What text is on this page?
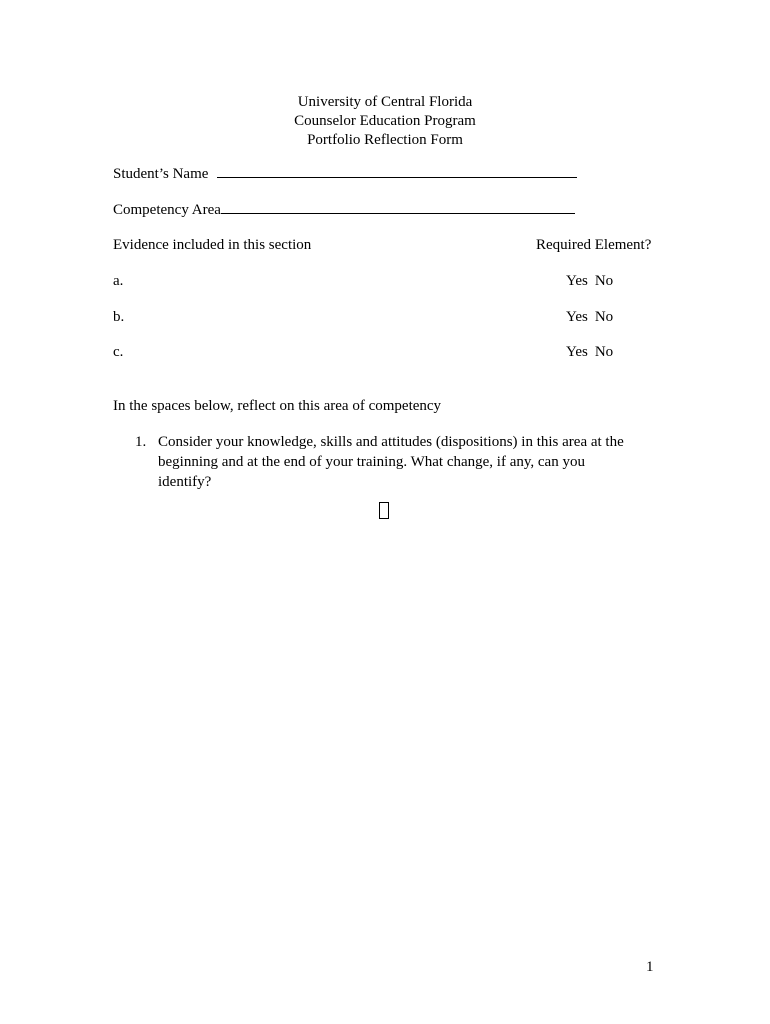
University of Central Florida
Counselor Education Program
Portfolio Reflection Form
Student’s Name
Competency Area
Evidence included in this section	Required Element?
a.	Yes No
b.	Yes No
c.	Yes No
In the spaces below, reflect on this area of competency
1. Consider your knowledge, skills and attitudes (dispositions) in this area at the beginning and at the end of your training. What change, if any, can you identify?
1
